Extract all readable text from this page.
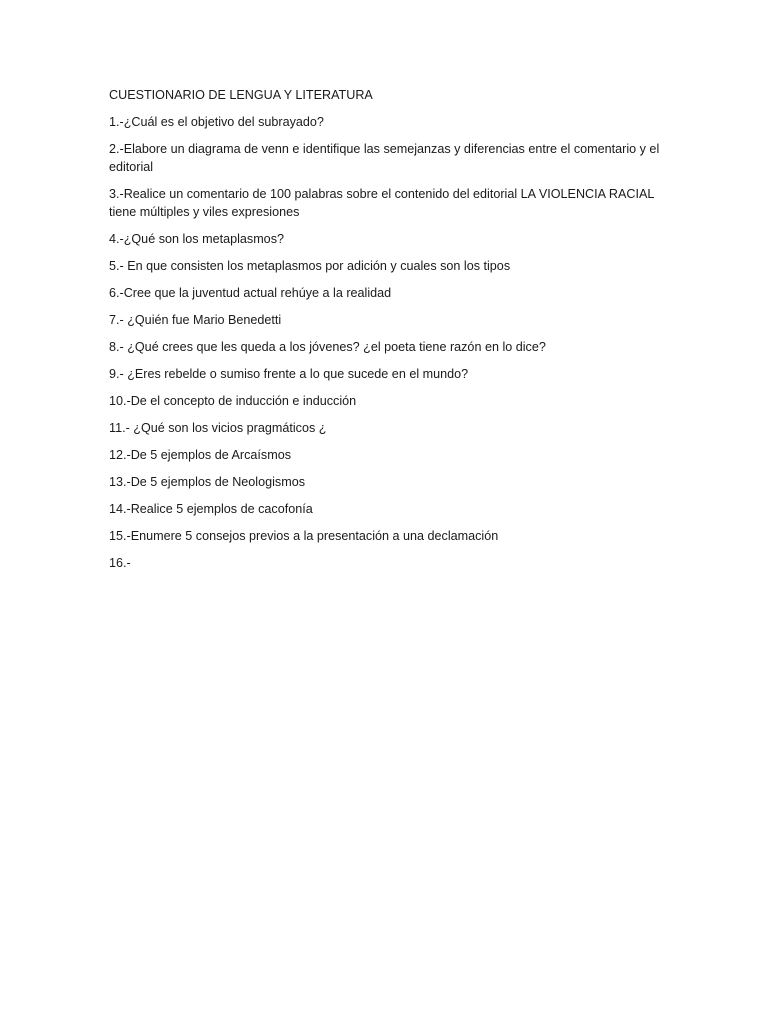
CUESTIONARIO DE LENGUA Y LITERATURA
1.-¿Cuál es el objetivo del subrayado?
2.-Elabore un diagrama de venn e identifique las semejanzas y diferencias entre el comentario y el editorial
3.-Realice un comentario de 100 palabras sobre el contenido del editorial LA VIOLENCIA RACIAL tiene múltiples y viles expresiones
4.-¿Qué son los metaplasmos?
5.- En que consisten los metaplasmos por adición y cuales son los tipos
6.-Cree que la juventud actual rehúye a la realidad
7.- ¿Quién fue Mario Benedetti
8.- ¿Qué crees que les queda a los jóvenes? ¿el poeta tiene razón en lo dice?
9.- ¿Eres rebelde o sumiso frente a lo que sucede en el mundo?
10.-De el concepto de inducción e inducción
11.- ¿Qué son los vicios pragmáticos ¿
12.-De 5 ejemplos de Arcaísmos
13.-De 5 ejemplos de Neologismos
14.-Realice 5 ejemplos de cacofonía
15.-Enumere 5 consejos previos a la presentación a una declamación
16.-
